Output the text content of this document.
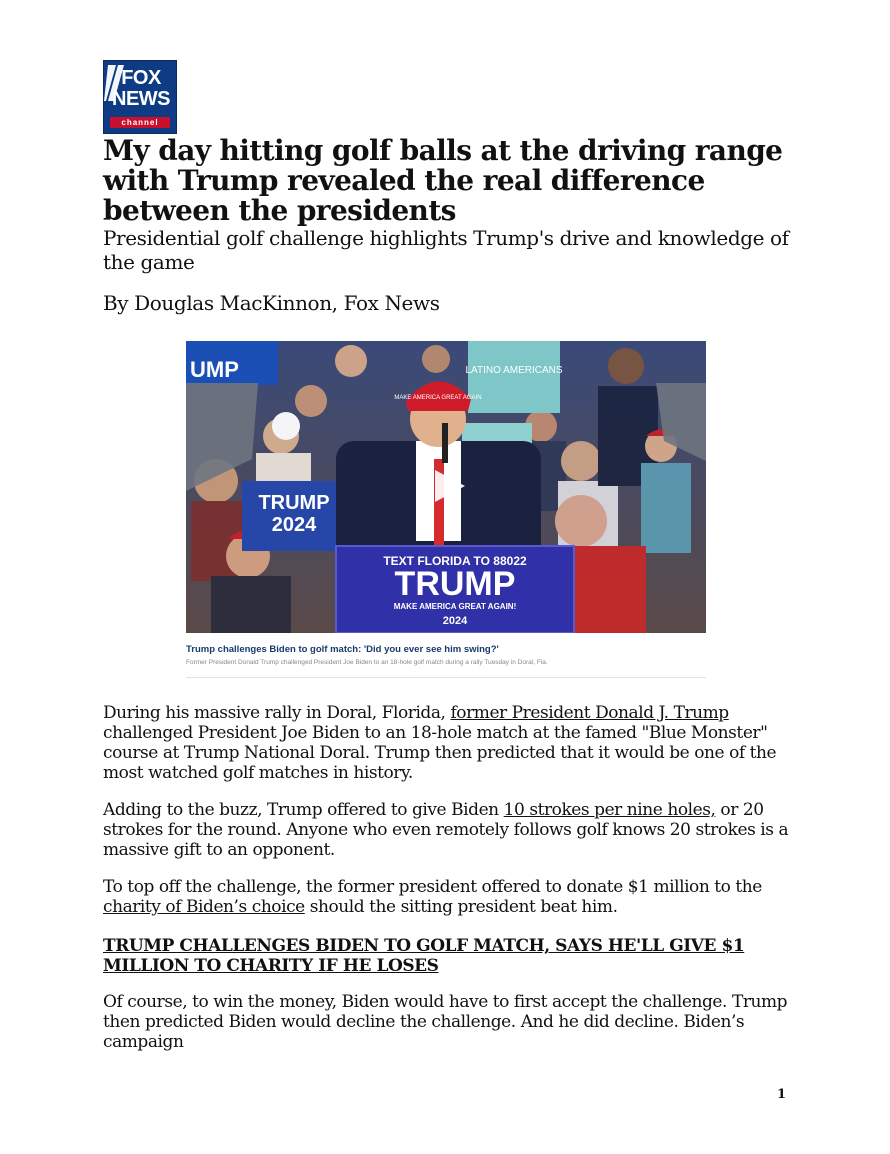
FOX
NEWS
channel
My day hitting golf balls at the driving range with Trump revealed the real difference between the presidents

Presidential golf challenge highlights Trump's drive and knowledge of the game

By Douglas MacKinnon, Fox News
UMP	LATINO AMERICANS
TRUMP
2024
MAKE AMERICA GREAT AGAIN
TEXT FLORIDA TO 88022
TRUMP
MAKE AMERICA GREAT AGAIN!
2024
Trump challenges Biden to golf match: 'Did you ever see him swing?'
Former President Donald Trump challenged President Joe Biden to an 18-hole golf match during a rally Tuesday in Doral, Fla.

During his massive rally in Doral, Florida, former President Donald J. Trump challenged President Joe Biden to an 18-hole match at the famed "Blue Monster" course at Trump National Doral. Trump then predicted that it would be one of the most watched golf matches in history.

Adding to the buzz, Trump offered to give Biden 10 strokes per nine holes, or 20 strokes for the round. Anyone who even remotely follows golf knows 20 strokes is a massive gift to an opponent.

To top off the challenge, the former president offered to donate $1 million to the charity of Biden’s choice should the sitting president beat him.

TRUMP CHALLENGES BIDEN TO GOLF MATCH, SAYS HE'LL GIVE $1 MILLION TO CHARITY IF HE LOSES

Of course, to win the money, Biden would have to first accept the challenge. Trump then predicted Biden would decline the challenge. And he did decline. Biden’s campaign

1
